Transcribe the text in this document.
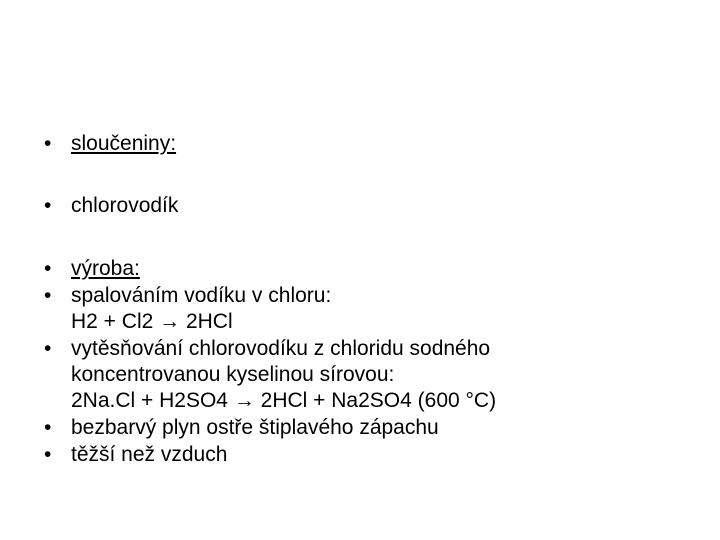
• sloučeniny:
• chlorovodík
• výroba:
• spalováním vodíku v chloru:
H2 + Cl2 → 2HCl
• vytěsňování chlorovodíku z chloridu sodného
koncentrovanou kyselinou sírovou:
2Na.Cl + H2SO4 → 2HCl + Na2SO4 (600 °C)
• bezbarvý plyn ostře štiplavého zápachu
• těžší než vzduch
